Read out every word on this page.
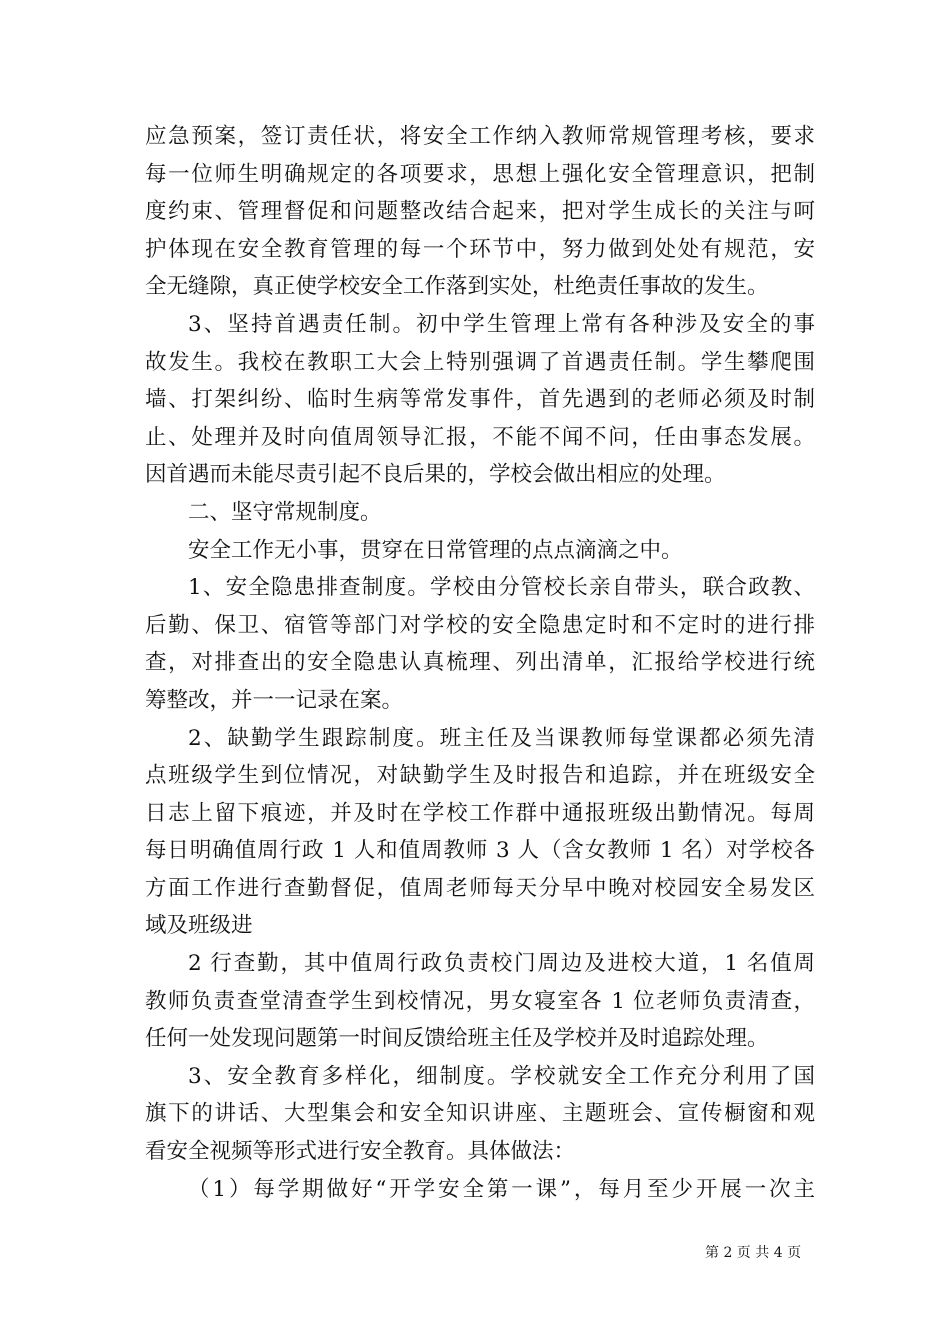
应急预案，签订责任状，将安全工作纳入教师常规管理考核，要求

每一位师生明确规定的各项要求，思想上强化安全管理意识，把制

度约束、管理督促和问题整改结合起来，把对学生成长的关注与呵

护体现在安全教育管理的每一个环节中，努力做到处处有规范，安

全无缝隙，真正使学校安全工作落到实处，杜绝责任事故的发生。

3、坚持首遇责任制。初中学生管理上常有各种涉及安全的事

故发生。我校在教职工大会上特别强调了首遇责任制。学生攀爬围

墙、打架纠纷、临时生病等常发事件，首先遇到的老师必须及时制

止、处理并及时向值周领导汇报，不能不闻不问，任由事态发展。

因首遇而未能尽责引起不良后果的，学校会做出相应的处理。

二、坚守常规制度。

安全工作无小事，贯穿在日常管理的点点滴滴之中。

1、安全隐患排查制度。学校由分管校长亲自带头，联合政教、

后勤、保卫、宿管等部门对学校的安全隐患定时和不定时的进行排

查，对排查出的安全隐患认真梳理、列出清单，汇报给学校进行统

筹整改，并一一记录在案。

2、缺勤学生跟踪制度。班主任及当课教师每堂课都必须先清

点班级学生到位情况，对缺勤学生及时报告和追踪，并在班级安全

日志上留下痕迹，并及时在学校工作群中通报班级出勤情况。每周

每日明确值周行政 1 人和值周教师 3 人（含女教师 1 名）对学校各

方面工作进行查勤督促，值周老师每天分早中晚对校园安全易发区

域及班级进

2 行查勤，其中值周行政负责校门周边及进校大道，1 名值周

教师负责查堂清查学生到校情况，男女寝室各 1 位老师负责清查，

任何一处发现问题第一时间反馈给班主任及学校并及时追踪处理。

3、安全教育多样化，细制度。学校就安全工作充分利用了国

旗下的讲话、大型集会和安全知识讲座、主题班会、宣传橱窗和观

看安全视频等形式进行安全教育。具体做法：

（1）每学期做好“开学安全第一课”，每月至少开展一次主

第 2 页 共 4 页
